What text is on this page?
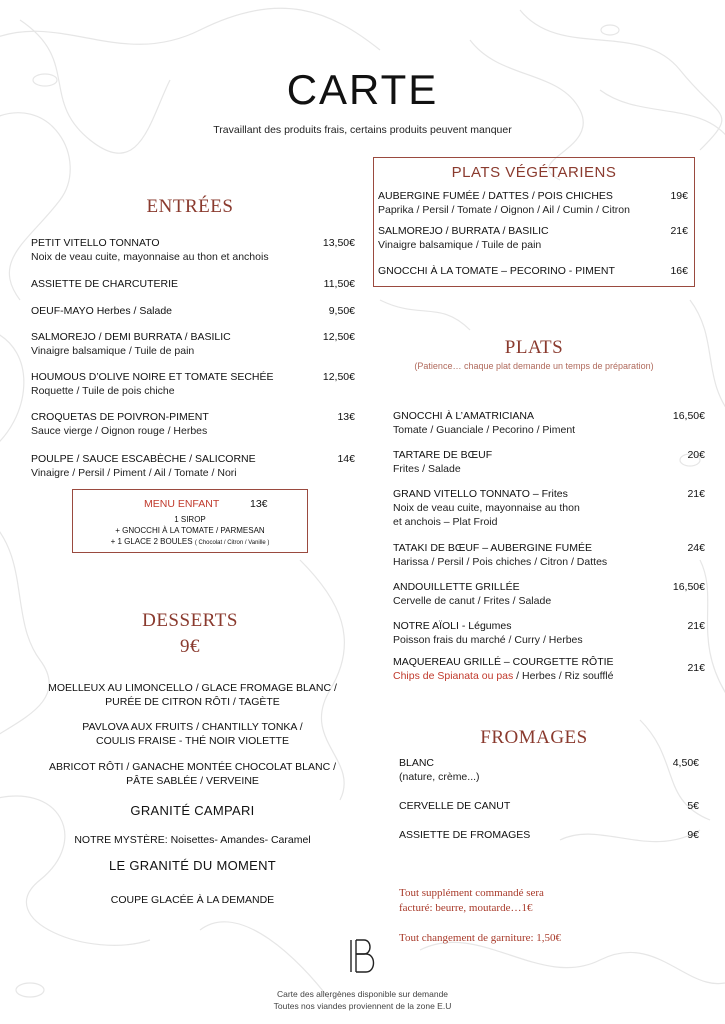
CARTE
Travaillant des produits frais, certains produits peuvent manquer
ENTRÉES
PETIT VITELLO TONNATO
Noix de veau cuite, mayonnaise au thon et anchois
13,50€
ASSIETTE DE CHARCUTERIE	11,50€
OEUF-MAYO Herbes / Salade	9,50€
SALMOREJO / DEMI BURRATA / BASILIC
Vinaigre balsamique / Tuile de pain
12,50€
HOUMOUS D’OLIVE NOIRE ET TOMATE SECHÉE
Roquette / Tuile de pois chiche
12,50€
CROQUETAS DE POIVRON-PIMENT
Sauce vierge / Oignon rouge / Herbes
13€
POULPE / SAUCE ESCABÈCHE / SALICORNE
Vinaigre / Persil / Piment / Ail / Tomate / Nori
14€
MENU ENFANT	13€
1 SIROP
+ GNOCCHI À LA TOMATE / PARMESAN
+ 1 GLACE 2 BOULES ( Chocolat / Citron / Vanille )
DESSERTS
9€
MOELLEUX AU LIMONCELLO / GLACE FROMAGE BLANC /
PURÉE DE CITRON RÔTI / TAGÈTE
PAVLOVA AUX FRUITS / CHANTILLY TONKA /
COULIS FRAISE - THÉ NOIR VIOLETTE
ABRICOT RÔTI / GANACHE MONTÉE CHOCOLAT BLANC /
PÂTE SABLÉE / VERVEINE
GRANITÉ CAMPARI
NOTRE MYSTÈRE: Noisettes- Amandes- Caramel
LE GRANITÉ DU MOMENT
COUPE GLACÉE À LA DEMANDE
PLATS VÉGÉTARIENS
AUBERGINE FUMÉE / DATTES / POIS CHICHES
Paprika / Persil / Tomate / Oignon / Ail / Cumin / Citron
19€
SALMOREJO / BURRATA / BASILIC
Vinaigre balsamique / Tuile de pain
21€
GNOCCHI À LA TOMATE – PECORINO - PIMENT	16€
PLATS
(Patience… chaque plat demande un temps de préparation)
GNOCCHI À L’AMATRICIANA
Tomate / Guanciale / Pecorino / Piment
16,50€
TARTARE DE BŒUF
Frites / Salade
20€
GRAND VITELLO TONNATO – Frites
Noix de veau cuite, mayonnaise au thon
et anchois – Plat Froid
21€
TATAKI DE BŒUF – AUBERGINE FUMÉE
Harissa / Persil / Pois chiches / Citron / Dattes
24€
ANDOUILLETTE GRILLÉE
Cervelle de canut / Frites / Salade
16,50€
NOTRE AÏOLI - Légumes
Poisson frais du marché / Curry / Herbes
21€
MAQUEREAU GRILLÉ – COURGETTE RÔTIE
Chips de Spianata ou pas / Herbes / Riz soufflé
21€
FROMAGES
BLANC
(nature, crème...)
4,50€
CERVELLE DE CANUT	5€
ASSIETTE DE FROMAGES	9€
Tout supplément commandé sera
facturé: beurre, moutarde…1€
Tout changement de garniture: 1,50€
Carte des allergènes disponible sur demande
Toutes nos viandes proviennent de la zone E.U
